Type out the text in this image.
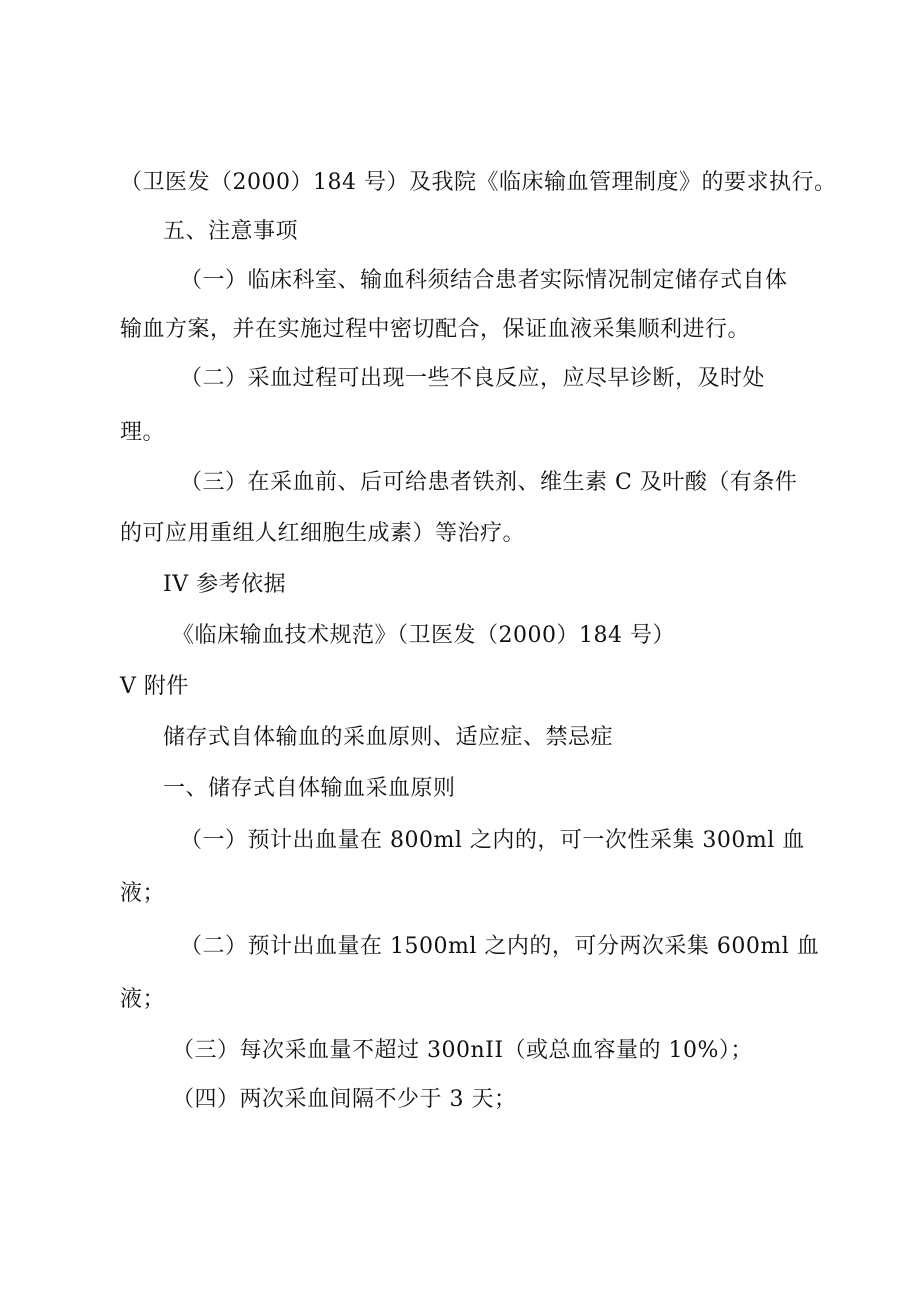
（卫医发（2000）184 号）及我院《临床输血管理制度》的要求执行。
五、注意事项
（一）临床科室、输血科须结合患者实际情况制定储存式自体
输血方案，并在实施过程中密切配合，保证血液采集顺利进行。
（二）采血过程可出现一些不良反应，应尽早诊断，及时处
理。
（三）在采血前、后可给患者铁剂、维生素 C 及叶酸（有条件
的可应用重组人红细胞生成素）等治疗。
IV 参考依据
《临床输血技术规范》（卫医发（2000）184 号）
V 附件
储存式自体输血的采血原则、适应症、禁忌症
一、储存式自体输血采血原则
（一）预计出血量在 800ml 之内的，可一次性采集 300ml 血
液；
（二）预计出血量在 1500ml 之内的，可分两次采集 600ml 血
液；
（三）每次采血量不超过 300nII（或总血容量的 10%）；
（四）两次采血间隔不少于 3 天；
